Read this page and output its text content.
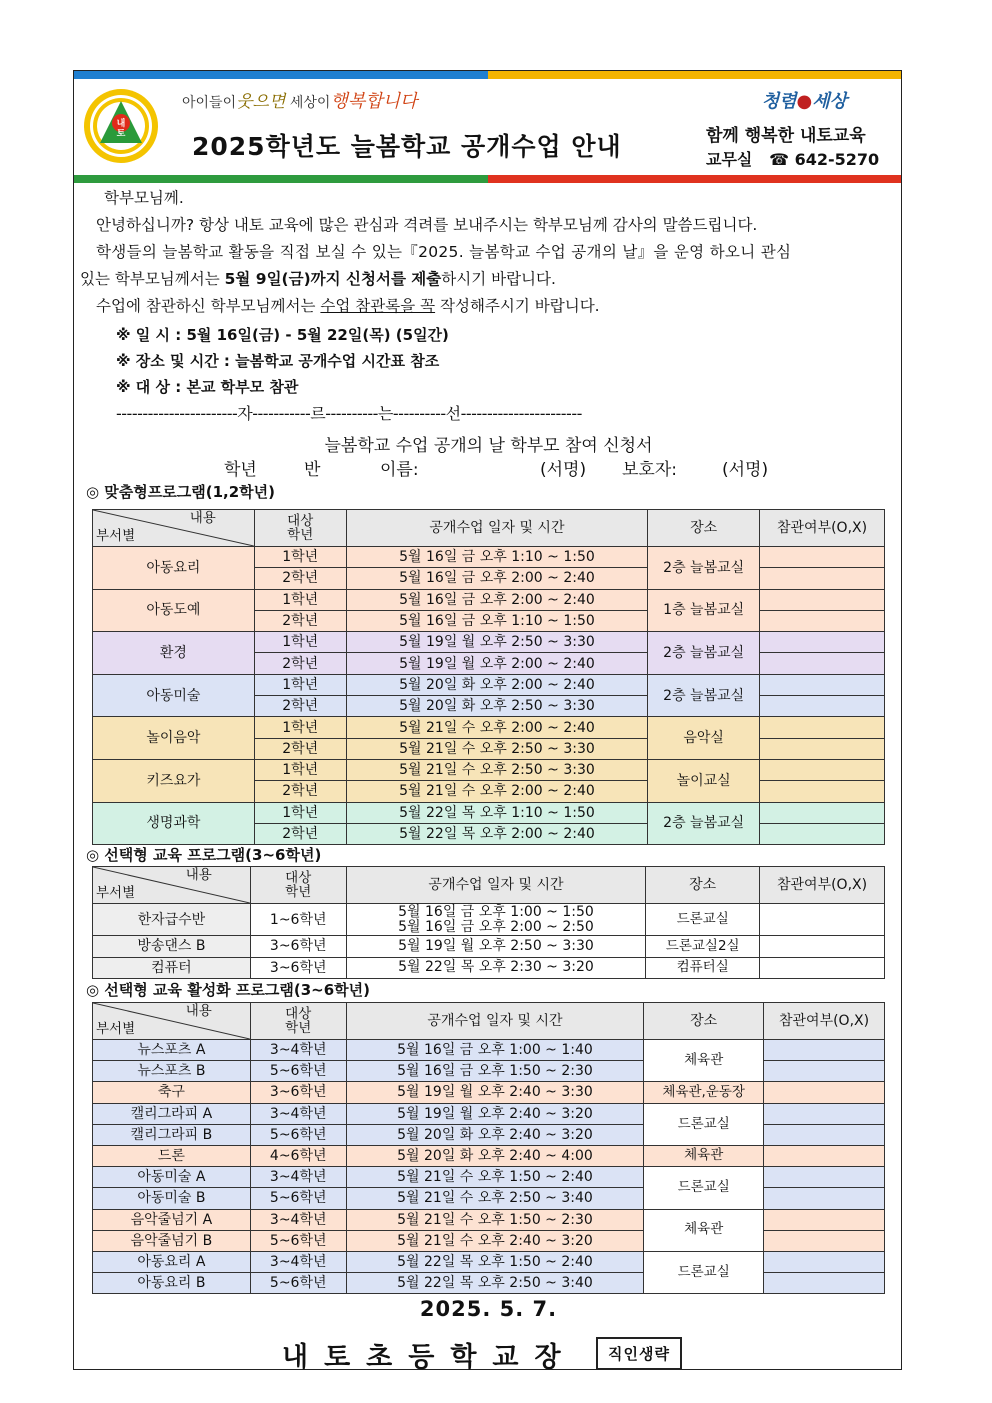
내토
아이들이웃으면 세상이행복합니다
2025학년도 늘봄학교 공개수업 안내
청렴●세상
함께 행복한 내토교육
교무실 ☎ 642-5270

학부모님께.

안녕하십니까? 항상 내토 교육에 많은 관심과 격려를 보내주시는 학부모님께 감사의 말씀드립니다.

학생들의 늘봄학교 활동을 직접 보실 수 있는『2025. 늘봄학교 수업 공개의 날』을 운영 하오니 관심

있는 학부모님께서는 5월 9일(금)까지 신청서를 제출하시기 바랍니다.

수업에 참관하신 학부모님께서는 수업 참관록을 꼭 작성해주시기 바랍니다.

※ 일 시 : 5월 16일(금) - 5월 22일(목) (5일간)

※ 장소 및 시간 : 늘봄학교 공개수업 시간표 참조

※ 대 상 : 본교 학부모 참관

-----------------------자-----------르----------는----------선-----------------------
늘봄학교 수업 공개의 날 학부모 참여 신청서
학년	반	이름:	(서명) 보호자:	(서명)
◎ 맞춤형프로그램(1,2학년)
내용
부서별	대상
학년	공개수업 일자 및 시간	장소	참관여부(O,X)
아동요리	1학년	5월 16일 금 오후 1:10 ~ 1:50	2층 늘봄교실	
	2학년	5월 16일 금 오후 2:00 ~ 2:40		
아동도예	1학년	5월 16일 금 오후 2:00 ~ 2:40	1층 늘봄교실	
	2학년	5월 16일 금 오후 1:10 ~ 1:50		
환경	1학년	5월 19일 월 오후 2:50 ~ 3:30	2층 늘봄교실	
	2학년	5월 19일 월 오후 2:00 ~ 2:40		
아동미술	1학년	5월 20일 화 오후 2:00 ~ 2:40	2층 늘봄교실	
	2학년	5월 20일 화 오후 2:50 ~ 3:30		
놀이음악	1학년	5월 21일 수 오후 2:00 ~ 2:40	음악실	
	2학년	5월 21일 수 오후 2:50 ~ 3:30		
키즈요가	1학년	5월 21일 수 오후 2:50 ~ 3:30	놀이교실	
	2학년	5월 21일 수 오후 2:00 ~ 2:40		
생명과학	1학년	5월 22일 목 오후 1:10 ~ 1:50	2층 늘봄교실	
	2학년	5월 22일 목 오후 2:00 ~ 2:40		
◎ 선택형 교육 프로그램(3~6학년)
내용
부서별	대상
학년	공개수업 일자 및 시간	장소	참관여부(O,X)
한자급수반	1~6학년	5월 16일 금 오후 1:00 ~ 1:50
5월 16일 금 오후 2:00 ~ 2:50	드론교실	
방송댄스 B	3~6학년	5월 19일 월 오후 2:50 ~ 3:30	드론교실2실	
컴퓨터	3~6학년	5월 22일 목 오후 2:30 ~ 3:20	컴퓨터실	
◎ 선택형 교육 활성화 프로그램(3~6학년)
내용
부서별	대상
학년	공개수업 일자 및 시간	장소	참관여부(O,X)
뉴스포츠 A	3~4학년	5월 16일 금 오후 1:00 ~ 1:40	체육관	
뉴스포츠 B	5~6학년	5월 16일 금 오후 1:50 ~ 2:30		
축구	3~6학년	5월 19일 월 오후 2:40 ~ 3:30	체육관,운동장	
캘리그라피 A	3~4학년	5월 19일 월 오후 2:40 ~ 3:20	드론교실	
캘리그라피 B	5~6학년	5월 20일 화 오후 2:40 ~ 3:20		
드론	4~6학년	5월 20일 화 오후 2:40 ~ 4:00	체육관	
아동미술 A	3~4학년	5월 21일 수 오후 1:50 ~ 2:40	드론교실	
아동미술 B	5~6학년	5월 21일 수 오후 2:50 ~ 3:40		
음악줄넘기 A	3~4학년	5월 21일 수 오후 1:50 ~ 2:30	체육관	
음악줄넘기 B	5~6학년	5월 21일 수 오후 2:40 ~ 3:20		
아동요리 A	3~4학년	5월 22일 목 오후 1:50 ~ 2:40	드론교실	
아동요리 B	5~6학년	5월 22일 목 오후 2:50 ~ 3:40		
2025. 5. 7.
내토초등학교장	직인생략
